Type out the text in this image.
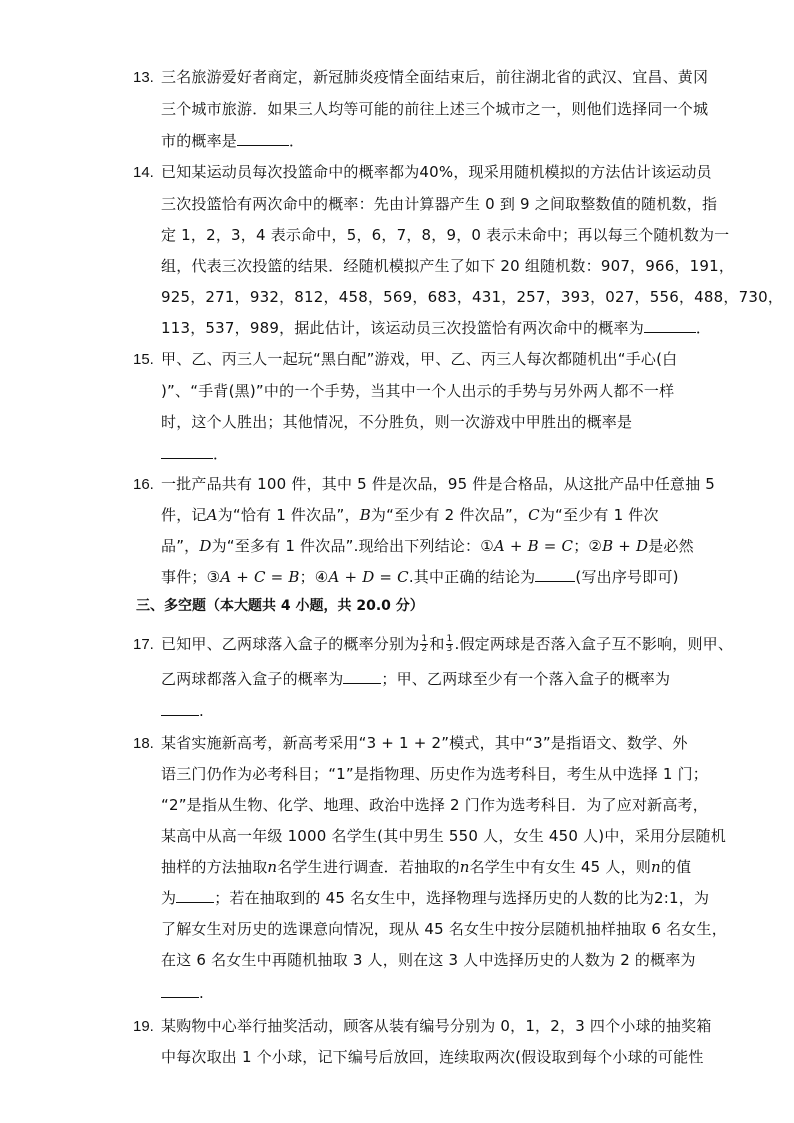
13. 三名旅游爱好者商定，新冠肺炎疫情全面结束后，前往湖北省的武汉、宜昌、黄冈
三个城市旅游．如果三人均等可能的前往上述三个城市之一，则他们选择同一个城
市的概率是	．
14. 已知某运动员每次投篮命中的概率都为40%，现采用随机模拟的方法估计该运动员
三次投篮恰有两次命中的概率：先由计算器产生 0 到 9 之间取整数值的随机数，指
定 1，2，3，4 表示命中，5，6，7，8，9，0 表示未命中；再以每三个随机数为一
组，代表三次投篮的结果．经随机模拟产生了如下 20 组随机数：907，966，191，
925，271，932，812，458，569，683，431，257，393，027，556，488，730，
113，537，989，据此估计，该运动员三次投篮恰有两次命中的概率为	．
15. 甲、乙、丙三人一起玩“黑白配”游戏，甲、乙、丙三人每次都随机出“手心(白
)”、“手背(黑)”中的一个手势，当其中一个人出示的手势与另外两人都不一样
时，这个人胜出；其他情况，不分胜负，则一次游戏中甲胜出的概率是
．
16. 一批产品共有 100 件，其中 5 件是次品，95 件是合格品，从这批产品中任意抽 5
件，记A为“恰有 1 件次品”，B为“至少有 2 件次品”，C为“至少有 1 件次
品”，D为“至多有 1 件次品”.现给出下列结论：①A + B = C；②B + D是必然
事件；③A + C = B；④A + D = C.其中正确的结论为	(写出序号即可)
三、多空题（本大题共 4 小题，共 20.0 分）
17. 已知甲、乙两球落入盒子的概率分别为 $\frac{1}{2}$ 和 $\frac{1}{3}$ .假定两球是否落入盒子互不影响，则甲、
乙两球都落入盒子的概率为	；甲、乙两球至少有一个落入盒子的概率为
.
18. 某省实施新高考，新高考采用“3 + 1 + 2”模式，其中“3”是指语文、数学、外
语三门仍作为必考科目；“1”是指物理、历史作为选考科目，考生从中选择 1 门；
“2”是指从生物、化学、地理、政治中选择 2 门作为选考科目．为了应对新高考，
某高中从高一年级 1000 名学生(其中男生 550 人，女生 450 人)中，采用分层随机
抽样的方法抽取n名学生进行调查．若抽取的n名学生中有女生 45 人，则n的值
为	；若在抽取到的 45 名女生中，选择物理与选择历史的人数的比为2:1，为
了解女生对历史的选课意向情况，现从 45 名女生中按分层随机抽样抽取 6 名女生，
在这 6 名女生中再随机抽取 3 人，则在这 3 人中选择历史的人数为 2 的概率为
.
19. 某购物中心举行抽奖活动，顾客从装有编号分别为 0，1，2，3 四个小球的抽奖箱
中每次取出 1 个小球，记下编号后放回，连续取两次(假设取到每个小球的可能性
